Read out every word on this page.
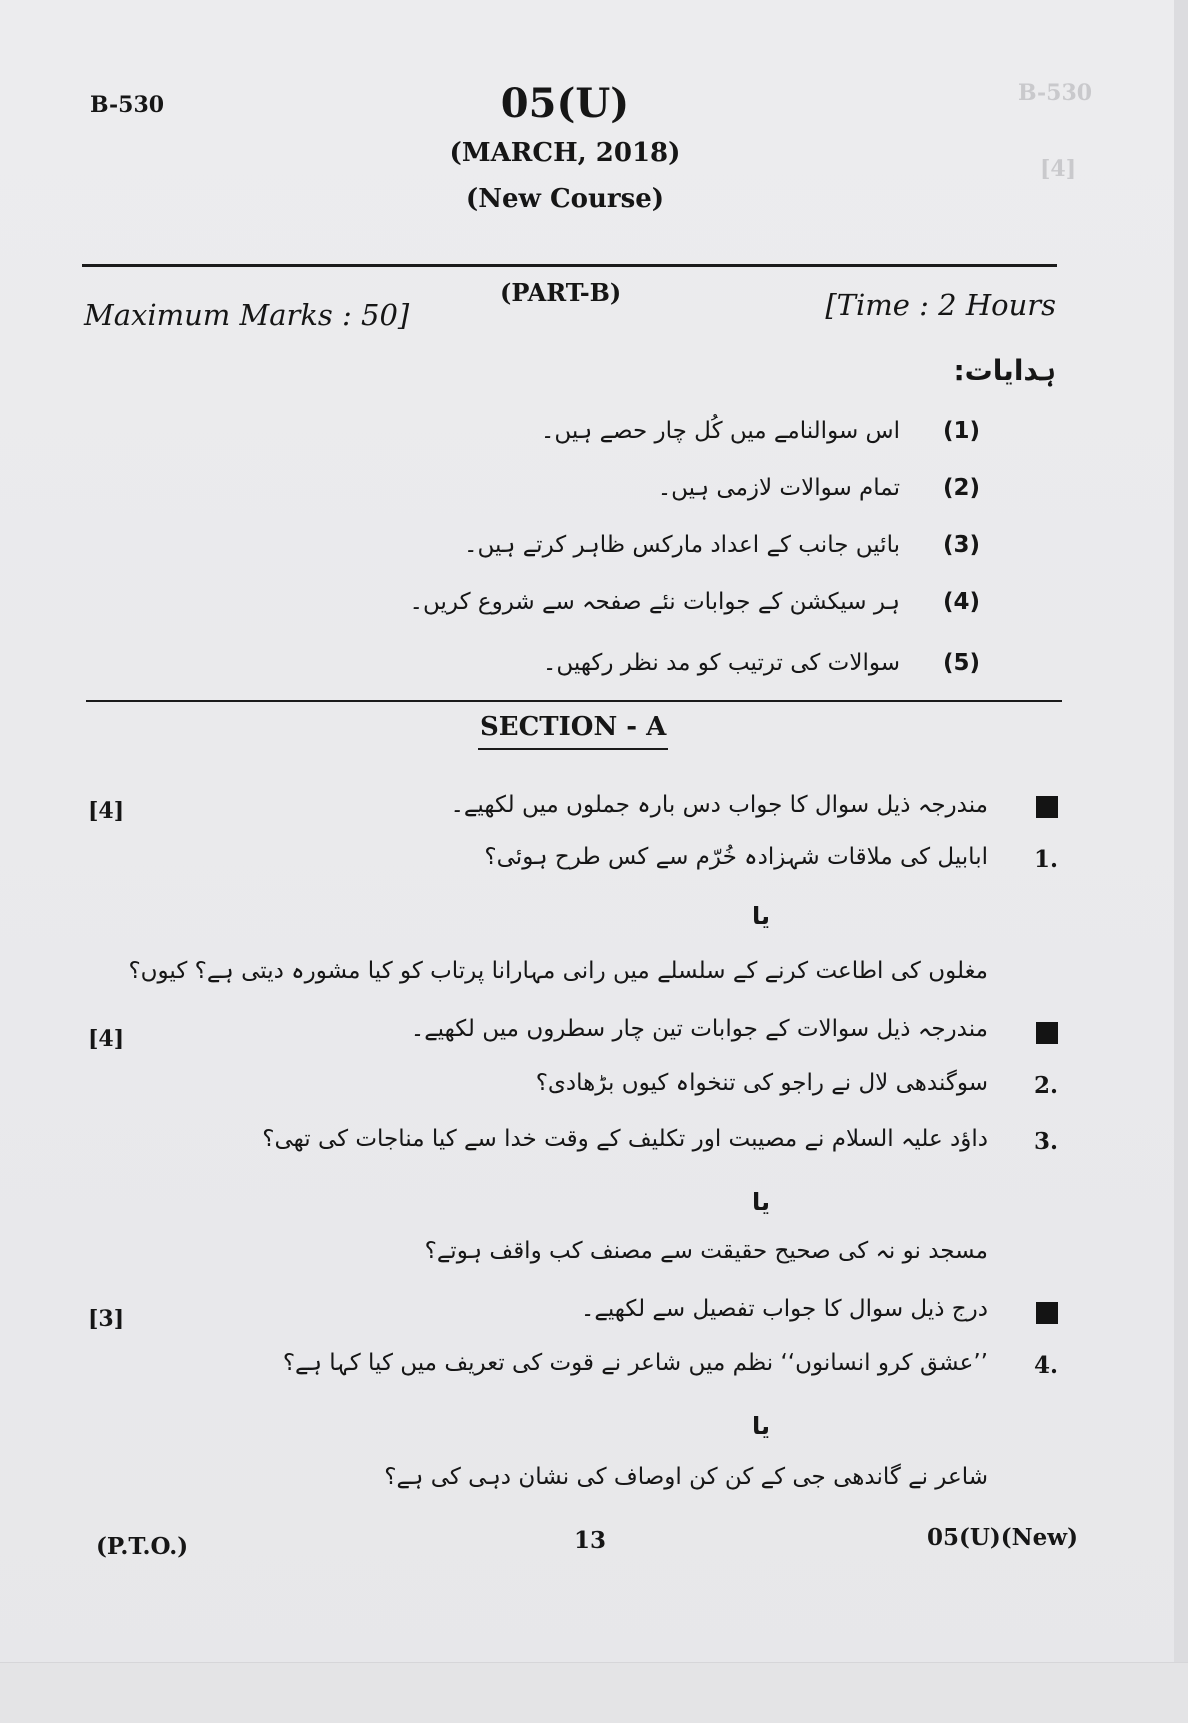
B-530
[4]
B-530	05(U)
(MARCH, 2018)
(New Course)
(PART-B)
Maximum Marks : 50]	[Time : 2 Hours
ہدایات:
(1)
اس سوالنامے میں کُل چار حصے ہیں۔
(2)
تمام سوالات لازمی ہیں۔
(3)
بائیں جانب کے اعداد مارکس ظاہر کرتے ہیں۔
(4)
ہر سیکشن کے جوابات نئے صفحہ سے شروع کریں۔
(5)
سوالات کی ترتیب کو مد نظر رکھیں۔
SECTION - A
[4]	مندرجہ ذیل سوال کا جواب دس بارہ جملوں میں لکھیے۔
1.
ابابیل کی ملاقات شہزادہ خُرّم سے کس طرح ہوئی؟
یا
مغلوں کی اطاعت کرنے کے سلسلے میں رانی مہارانا پرتاب کو کیا مشورہ دیتی ہے؟ کیوں؟
[4]	مندرجہ ذیل سوالات کے جوابات تین چار سطروں میں لکھیے۔
2.
سوگندھی لال نے راجو کی تنخواہ کیوں بڑھادی؟
3.
داؤد علیہ السلام نے مصیبت اور تکلیف کے وقت خدا سے کیا مناجات کی تھی؟
یا
مسجد نو نہ کی صحیح حقیقت سے مصنف کب واقف ہوتے؟
[3]	درج ذیل سوال کا جواب تفصیل سے لکھیے۔
4.
’’عشق کرو انسانوں‘‘ نظم میں شاعر نے قوت کی تعریف میں کیا کہا ہے؟
یا
شاعر نے گاندھی جی کے کن کن اوصاف کی نشان دہی کی ہے؟
(P.T.O.)	13	05(U)(New)
